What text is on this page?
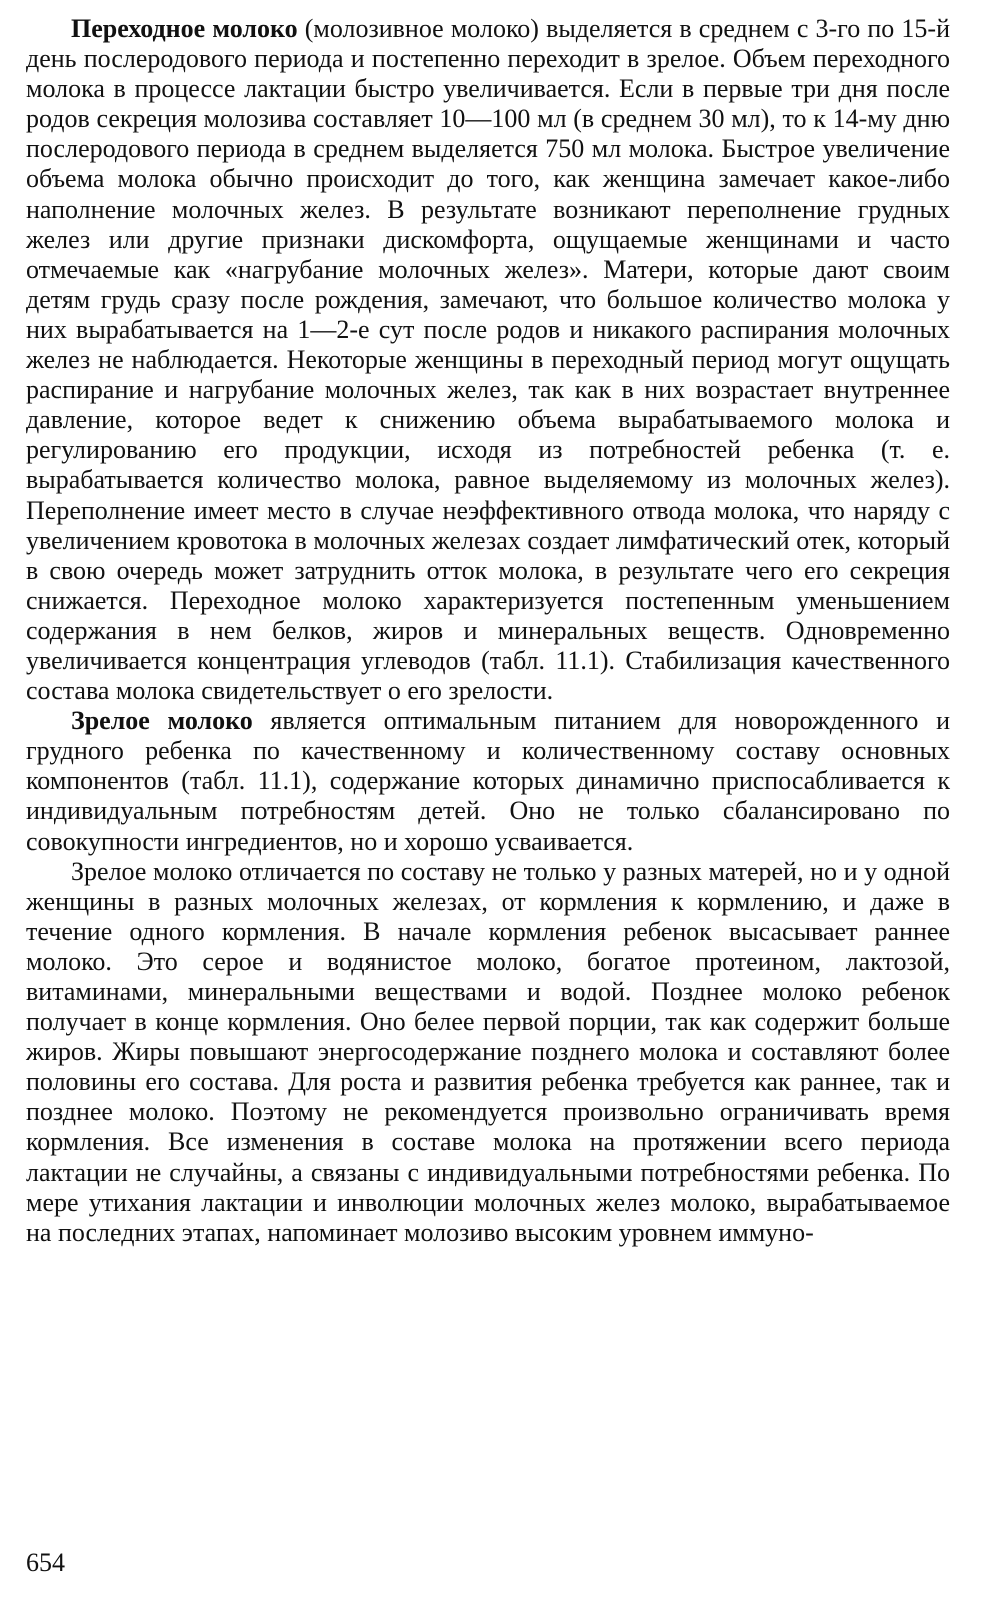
Переходное молоко (молозивное молоко) выделяется в среднем с 3-го по 15-й день послеродового периода и постепенно переходит в зрелое. Объем переходного молока в процессе лактации быстро увеличивается. Если в первые три дня после родов секреция молозива составляет 10—100 мл (в среднем 30 мл), то к 14-му дню послеродового периода в среднем выделяется 750 мл молока. Быстрое увеличение объема молока обычно происходит до того, как женщина замечает какое-либо наполнение молочных желез. В результате возникают переполнение грудных желез или другие признаки дискомфорта, ощущаемые женщинами и часто отмечаемые как «нагрубание молочных желез». Матери, которые дают своим детям грудь сразу после рождения, замечают, что большое количество молока у них вырабатывается на 1—2-е сут после родов и никакого распирания молочных желез не наблюдается. Некоторые женщины в переходный период могут ощущать распирание и нагрубание молочных желез, так как в них возрастает внутреннее давление, которое ведет к снижению объема вырабатываемого молока и регулированию его продукции, исходя из потребностей ребенка (т. е. вырабатывается количество молока, равное выделяемому из молочных желез). Переполнение имеет место в случае неэффективного отвода молока, что наряду с увеличением кровотока в молочных железах создает лимфатический отек, который в свою очередь может затруднить отток молока, в результате чего его секреция снижается. Переходное молоко характеризуется постепенным уменьшением содержания в нем белков, жиров и минеральных веществ. Одновременно увеличивается концентрация углеводов (табл. 11.1). Стабилизация качественного состава молока свидетельствует о его зрелости.

Зрелое молоко является оптимальным питанием для новорожденного и грудного ребенка по качественному и количественному составу основных компонентов (табл. 11.1), содержание которых динамично приспосабливается к индивидуальным потребностям детей. Оно не только сбалансировано по совокупности ингредиентов, но и хорошо усваивается.

Зрелое молоко отличается по составу не только у разных матерей, но и у одной женщины в разных молочных железах, от кормления к кормлению, и даже в течение одного кормления. В начале кормления ребенок высасывает раннее молоко. Это серое и водянистое молоко, богатое протеином, лактозой, витаминами, минеральными веществами и водой. Позднее молоко ребенок получает в конце кормления. Оно белее первой порции, так как содержит больше жиров. Жиры повышают энергосодержание позднего молока и составляют более половины его состава. Для роста и развития ребенка требуется как раннее, так и позднее молоко. Поэтому не рекомендуется произвольно ограничивать время кормления. Все изменения в составе молока на протяжении всего периода лактации не случайны, а связаны с индивидуальными потребностями ребенка. По мере утихания лактации и инволюции молочных желез молоко, вырабатываемое на последних этапах, напоминает молозиво высоким уровнем иммуно-

654
